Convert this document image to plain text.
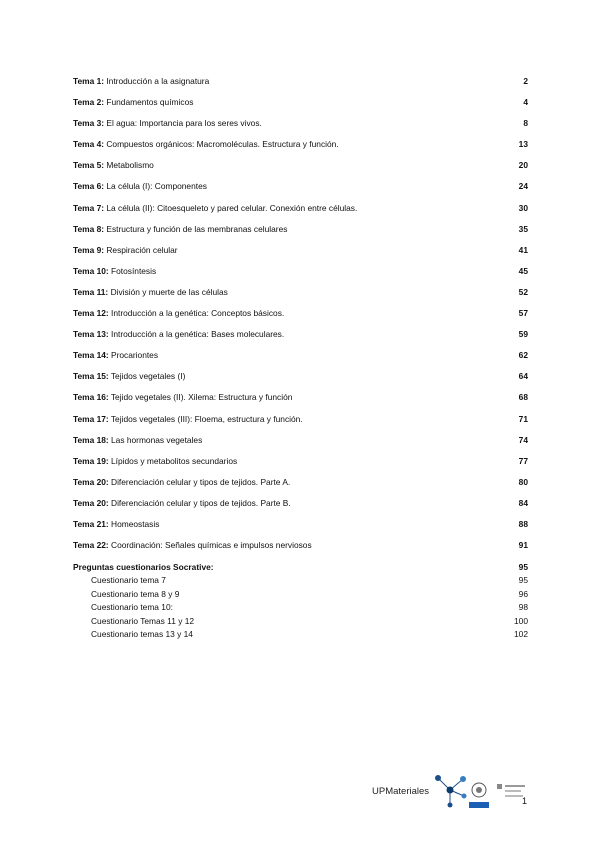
Tema 1: Introducción a la asignatura	2
Tema 2: Fundamentos químicos	4
Tema 3: El agua: Importancia para los seres vivos.	8
Tema 4: Compuestos orgánicos: Macromoléculas. Estructura y función.	13
Tema 5: Metabolismo	20
Tema 6: La célula (I): Componentes	24
Tema 7: La célula (II): Citoesqueleto y pared celular. Conexión entre células.	30
Tema 8: Estructura y función de las membranas celulares	35
Tema 9: Respiración celular	41
Tema 10: Fotosíntesis	45
Tema 11: División y muerte de las células	52
Tema 12: Introducción a la genética: Conceptos básicos.	57
Tema 13: Introducción a la genética: Bases moleculares.	59
Tema 14: Procariontes	62
Tema 15: Tejidos vegetales (I)	64
Tema 16: Tejido vegetales (II). Xilema: Estructura y función	68
Tema 17: Tejidos vegetales (III): Floema, estructura y función.	71
Tema 18: Las hormonas vegetales	74
Tema 19: Lípidos y metabolitos secundarios	77
Tema 20: Diferenciación celular y tipos de tejidos. Parte A.	80
Tema 20: Diferenciación celular y tipos de tejidos. Parte B.	84
Tema 21: Homeostasis	88
Tema 22: Coordinación: Señales químicas e impulsos nerviosos	91
Preguntas cuestionarios Socrative:	95
Cuestionario tema 7	95
Cuestionario tema 8 y 9	96
Cuestionario tema 10:	98
Cuestionario Temas 11 y 12	100
Cuestionario temas 13 y 14	102
UPMateriales
1
